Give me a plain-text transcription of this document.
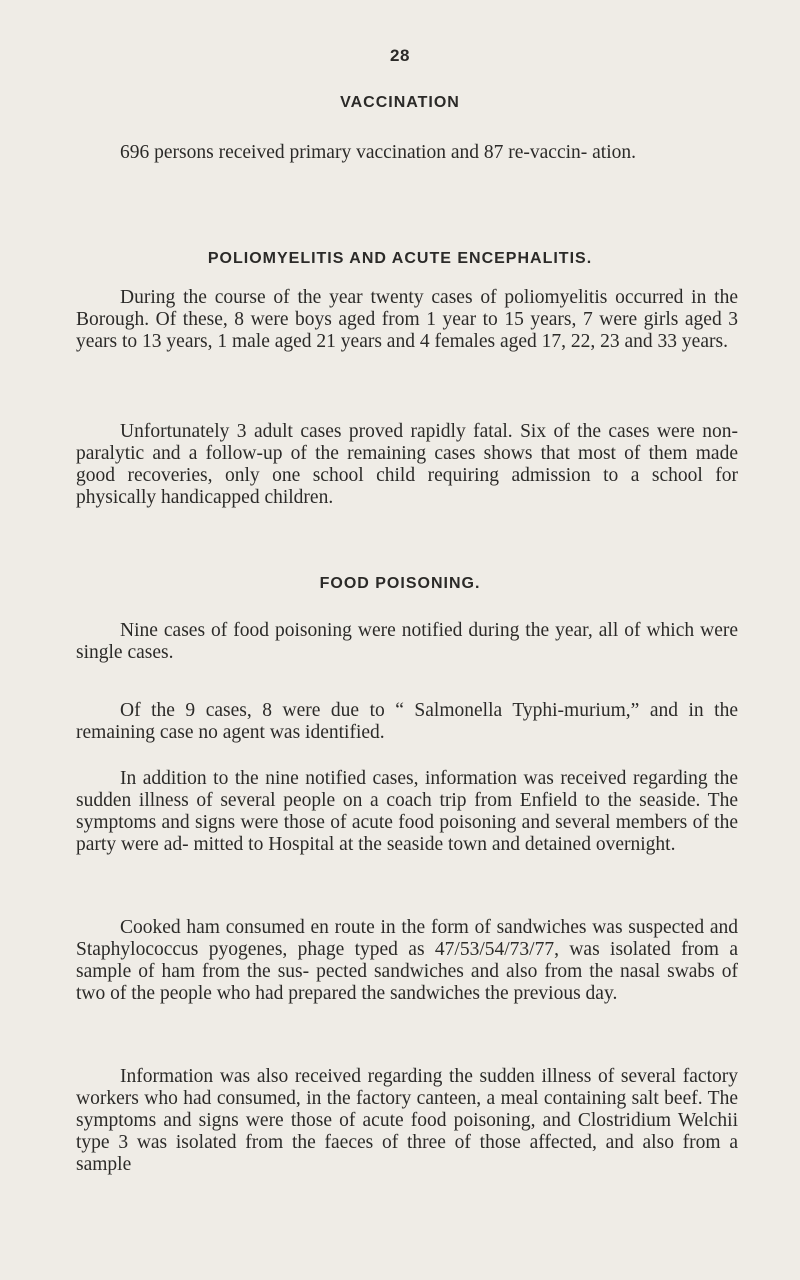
28
VACCINATION

696 persons received primary vaccination and 87 re-vaccin- ation.

POLIOMYELITIS AND ACUTE ENCEPHALITIS.

During the course of the year twenty cases of poliomyelitis occurred in the Borough. Of these, 8 were boys aged from 1 year to 15 years, 7 were girls aged 3 years to 13 years, 1 male aged 21 years and 4 females aged 17, 22, 23 and 33 years.

Unfortunately 3 adult cases proved rapidly fatal. Six of the cases were non-paralytic and a follow-up of the remaining cases shows that most of them made good recoveries, only one school child requiring admission to a school for physically handicapped children.

FOOD POISONING.

Nine cases of food poisoning were notified during the year, all of which were single cases.

Of the 9 cases, 8 were due to “ Salmonella Typhi-murium,” and in the remaining case no agent was identified.

In addition to the nine notified cases, information was received regarding the sudden illness of several people on a coach trip from Enfield to the seaside. The symptoms and signs were those of acute food poisoning and several members of the party were ad- mitted to Hospital at the seaside town and detained overnight.

Cooked ham consumed en route in the form of sandwiches was suspected and Staphylococcus pyogenes, phage typed as 47/53/54/73/77, was isolated from a sample of ham from the sus- pected sandwiches and also from the nasal swabs of two of the people who had prepared the sandwiches the previous day.

Information was also received regarding the sudden illness of several factory workers who had consumed, in the factory canteen, a meal containing salt beef. The symptoms and signs were those of acute food poisoning, and Clostridium Welchii type 3 was isolated from the faeces of three of those affected, and also from a sample
